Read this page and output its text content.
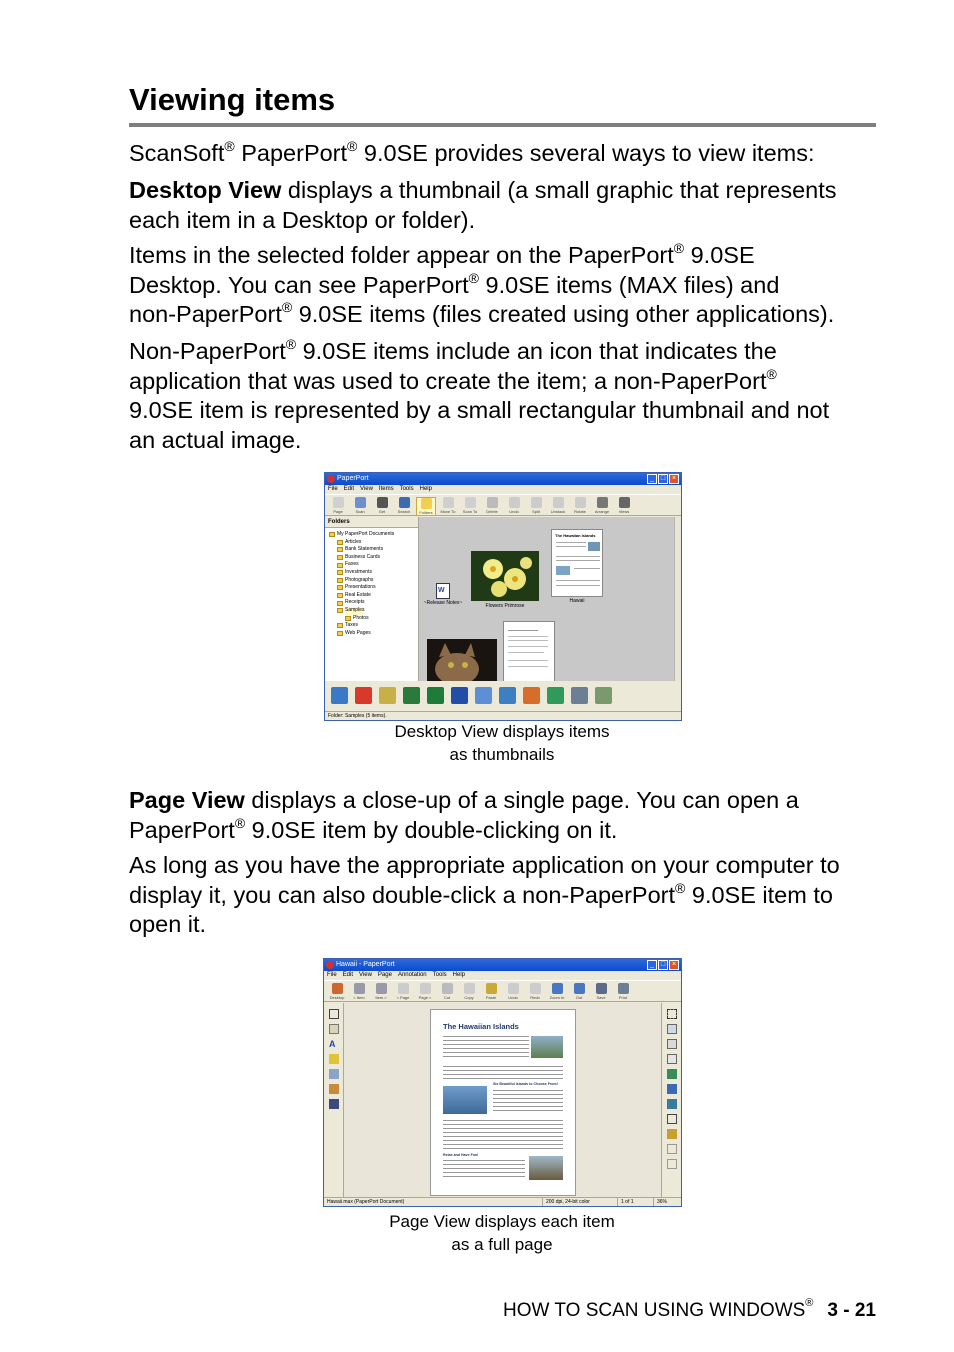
Viewing items
ScanSoft® PaperPort® 9.0SE provides several ways to view items:
Desktop View displays a thumbnail (a small graphic that represents
each item in a Desktop or folder).
Items in the selected folder appear on the PaperPort® 9.0SE
Desktop. You can see PaperPort® 9.0SE items (MAX files) and
non-PaperPort® 9.0SE items (files created using other applications).
Non-PaperPort® 9.0SE items include an icon that indicates the
application that was used to create the item; a non-PaperPort®
9.0SE item is represented by a small rectangular thumbnail and not
an actual image.
PaperPort	_ □ ×
File Edit View Items Tools Help
Page	Scan	Get	Search Folders Move To Scan To Delete	Undo	Split	Unstack Rotate Arrange Views
Folders
My PaperPort Documents
Articles
Bank Statements
Business Cards
Faxes
Investments
Photographs
Presentations
Real Estate
Receipts
Samples
Photos
Taxes
Web Pages
W
~Release Notes~	Flowers Primrose
The Hawaiian Islands
Hawaii
Folder: Samples (5 items).
Desktop View displays items
as thumbnails
Page View displays a close-up of a single page. You can open a
PaperPort® 9.0SE item by double-clicking on it.
As long as you have the appropriate application on your computer to
display it, you can also double-click a non-PaperPort® 9.0SE item to
open it.
Hawaii - PaperPort	_ □ ×
File Edit View Page Annotation Tools Help
Desktop < Item	Item > < Page Page >	Cut	Copy	Paste	Undo	Redo Zoom In	Out	Save	Print
A
The Hawaiian Islands
Six Beautiful Islands to Choose From!
Relax and Have Fun!
Hawaii.max (PaperPort Document)	200 dpi, 24-bit color	1 of 1	36%
Page View displays each item
as a full page
HOW TO SCAN USING WINDOWS® 3 - 21
